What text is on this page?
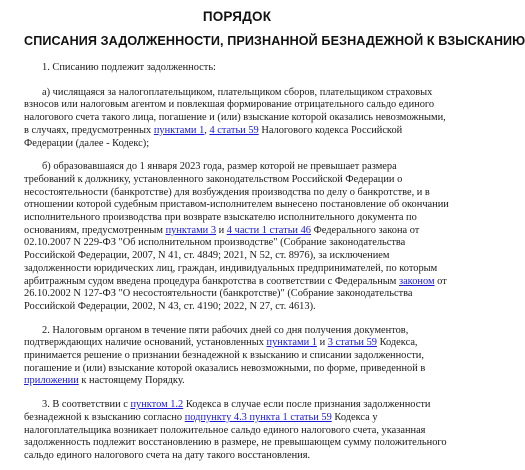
ПОРЯДОК

СПИСАНИЯ ЗАДОЛЖЕННОСТИ, ПРИЗНАННОЙ БЕЗНАДЕЖНОЙ К ВЗЫСКАНИЮ

1. Списанию подлежит задолженность:

а) числящаяся за налогоплательщиком, плательщиком сборов, плательщиком страховых взносов или налоговым агентом и повлекшая формирование отрицательного сальдо единого налогового счета такого лица, погашение и (или) взыскание которой оказались невозможными, в случаях, предусмотренных пунктами 1, 4 статьи 59 Налогового кодекса Российской Федерации (далее - Кодекс);

б) образовавшаяся до 1 января 2023 года, размер которой не превышает размера требований к должнику, установленного законодательством Российской Федерации о несостоятельности (банкротстве) для возбуждения производства по делу о банкротстве, и в отношении которой судебным приставом-исполнителем вынесено постановление об окончании исполнительного производства при возврате взыскателю исполнительного документа по основаниям, предусмотренным пунктами 3 и 4 части 1 статьи 46 Федерального закона от 02.10.2007 N 229-ФЗ "Об исполнительном производстве" (Собрание законодательства Российской Федерации, 2007, N 41, ст. 4849; 2021, N 52, ст. 8976), за исключением задолженности юридических лиц, граждан, индивидуальных предпринимателей, по которым арбитражным судом введена процедура банкротства в соответствии с Федеральным законом от 26.10.2002 N 127-ФЗ "О несостоятельности (банкротстве)" (Собрание законодательства Российской Федерации, 2002, N 43, ст. 4190; 2022, N 27, ст. 4613).

2. Налоговым органом в течение пяти рабочих дней со дня получения документов, подтверждающих наличие оснований, установленных пунктами 1 и 3 статьи 59 Кодекса, принимается решение о признании безнадежной к взысканию и списании задолженности, погашение и (или) взыскание которой оказались невозможными, по форме, приведенной в приложении к настоящему Порядку.

3. В соответствии с пунктом 1.2 Кодекса в случае если после признания задолженности безнадежной к взысканию согласно подпункту 4.3 пункта 1 статьи 59 Кодекса у налогоплательщика возникает положительное сальдо единого налогового счета, указанная задолженность подлежит восстановлению в размере, не превышающем сумму положительного сальдо единого налогового счета на дату такого восстановления.
